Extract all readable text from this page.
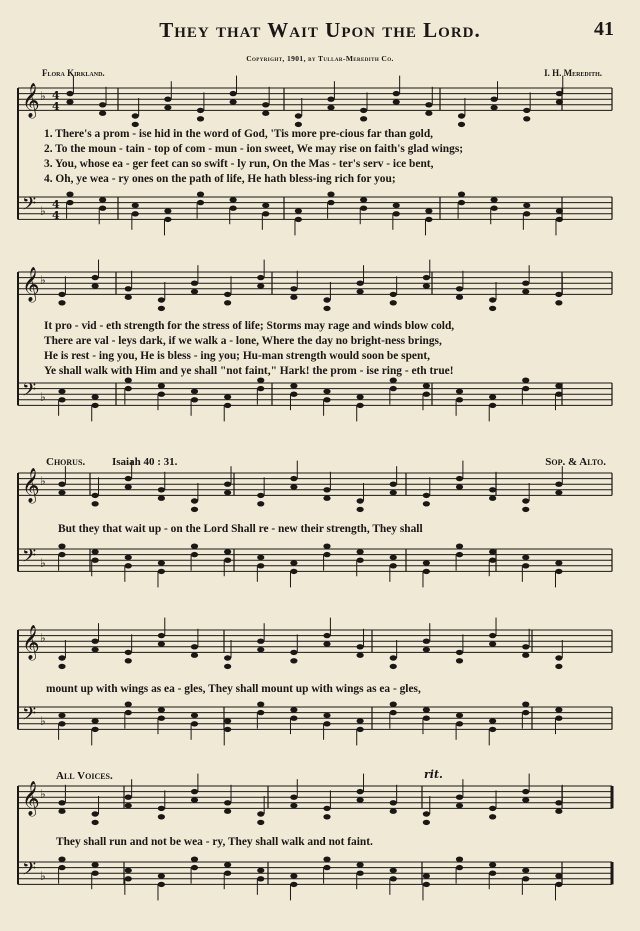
They that Wait Upon the Lord.	41
Copyright, 1901, by Tullar-Meredith Co.
Flora Kirkland.	I. H. Meredith.
𝄞
𝄢
♭
♭
4
4
4
4
𝄞
𝄢
♭
♭
𝄞
𝄢
♭
♭
𝄞
𝄢
♭
♭
𝄞
𝄢
♭
♭
1. There's a prom - ise hid in the word of God, 'Tis more pre-cious far than gold,
2. To the moun - tain - top of com - mun - ion sweet, We may rise on faith's glad wings;
3. You, whose ea - ger feet can so swift - ly run, On the Mas - ter's serv - ice bent,
4. Oh, ye wea - ry ones on the path of life, He hath bless-ing rich for you;
It pro - vid - eth strength for the stress of life; Storms may rage and winds blow cold,
There are val - leys dark, if we walk a - lone, Where the day no bright-ness brings,
He is rest - ing you, He is bless - ing you; Hu-man strength would soon be spent,
Ye shall walk with Him and ye shall "not faint," Hark! the prom - ise ring - eth true!
Chorus. Isaiah 40 : 31.	Sop. & Alto.
But they that wait up - on the Lord Shall re - new their strength, They shall
mount up with wings as ea - gles, They shall mount up with wings as ea - gles,
All Voices.	rit.
They shall run and not be wea - ry, They shall walk and not faint.
